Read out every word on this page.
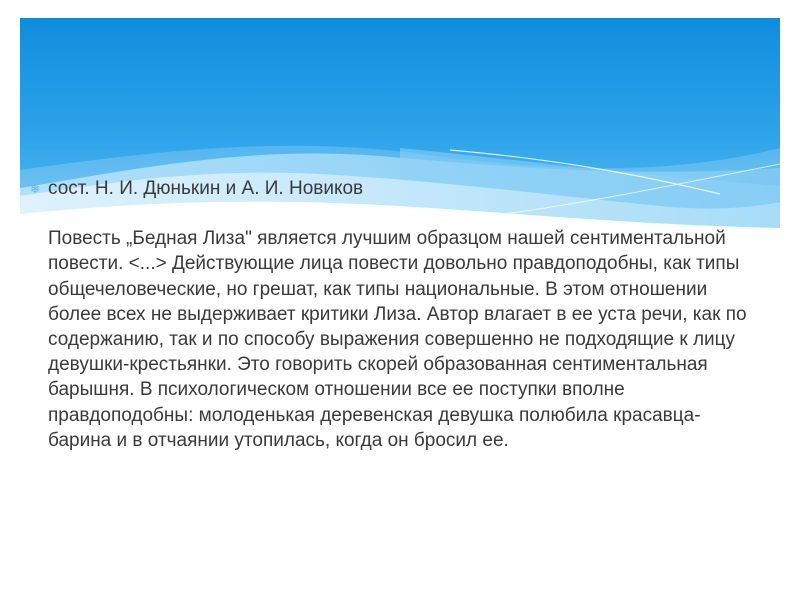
❄ сост. Н. И. Дюнькин и А. И. Новиков
Повесть „Бедная Лиза" является лучшим образцом нашей сентиментальной повести. <...> Действующие лица повести довольно правдоподобны, как типы общечеловеческие, но грешат, как типы национальные. В этом отношении более всех не выдерживает критики Лиза. Автор влагает в ее уста речи, как по содержанию, так и по способу выражения совершенно не подходящие к лицу девушки-крестьянки. Это говорить скорей образованная сентиментальная барышня. В психологическом отношении все ее поступки вполне правдоподобны: молоденькая деревенская девушка полюбила красавца-барина и в отчаянии утопилась, когда он бросил ее.
